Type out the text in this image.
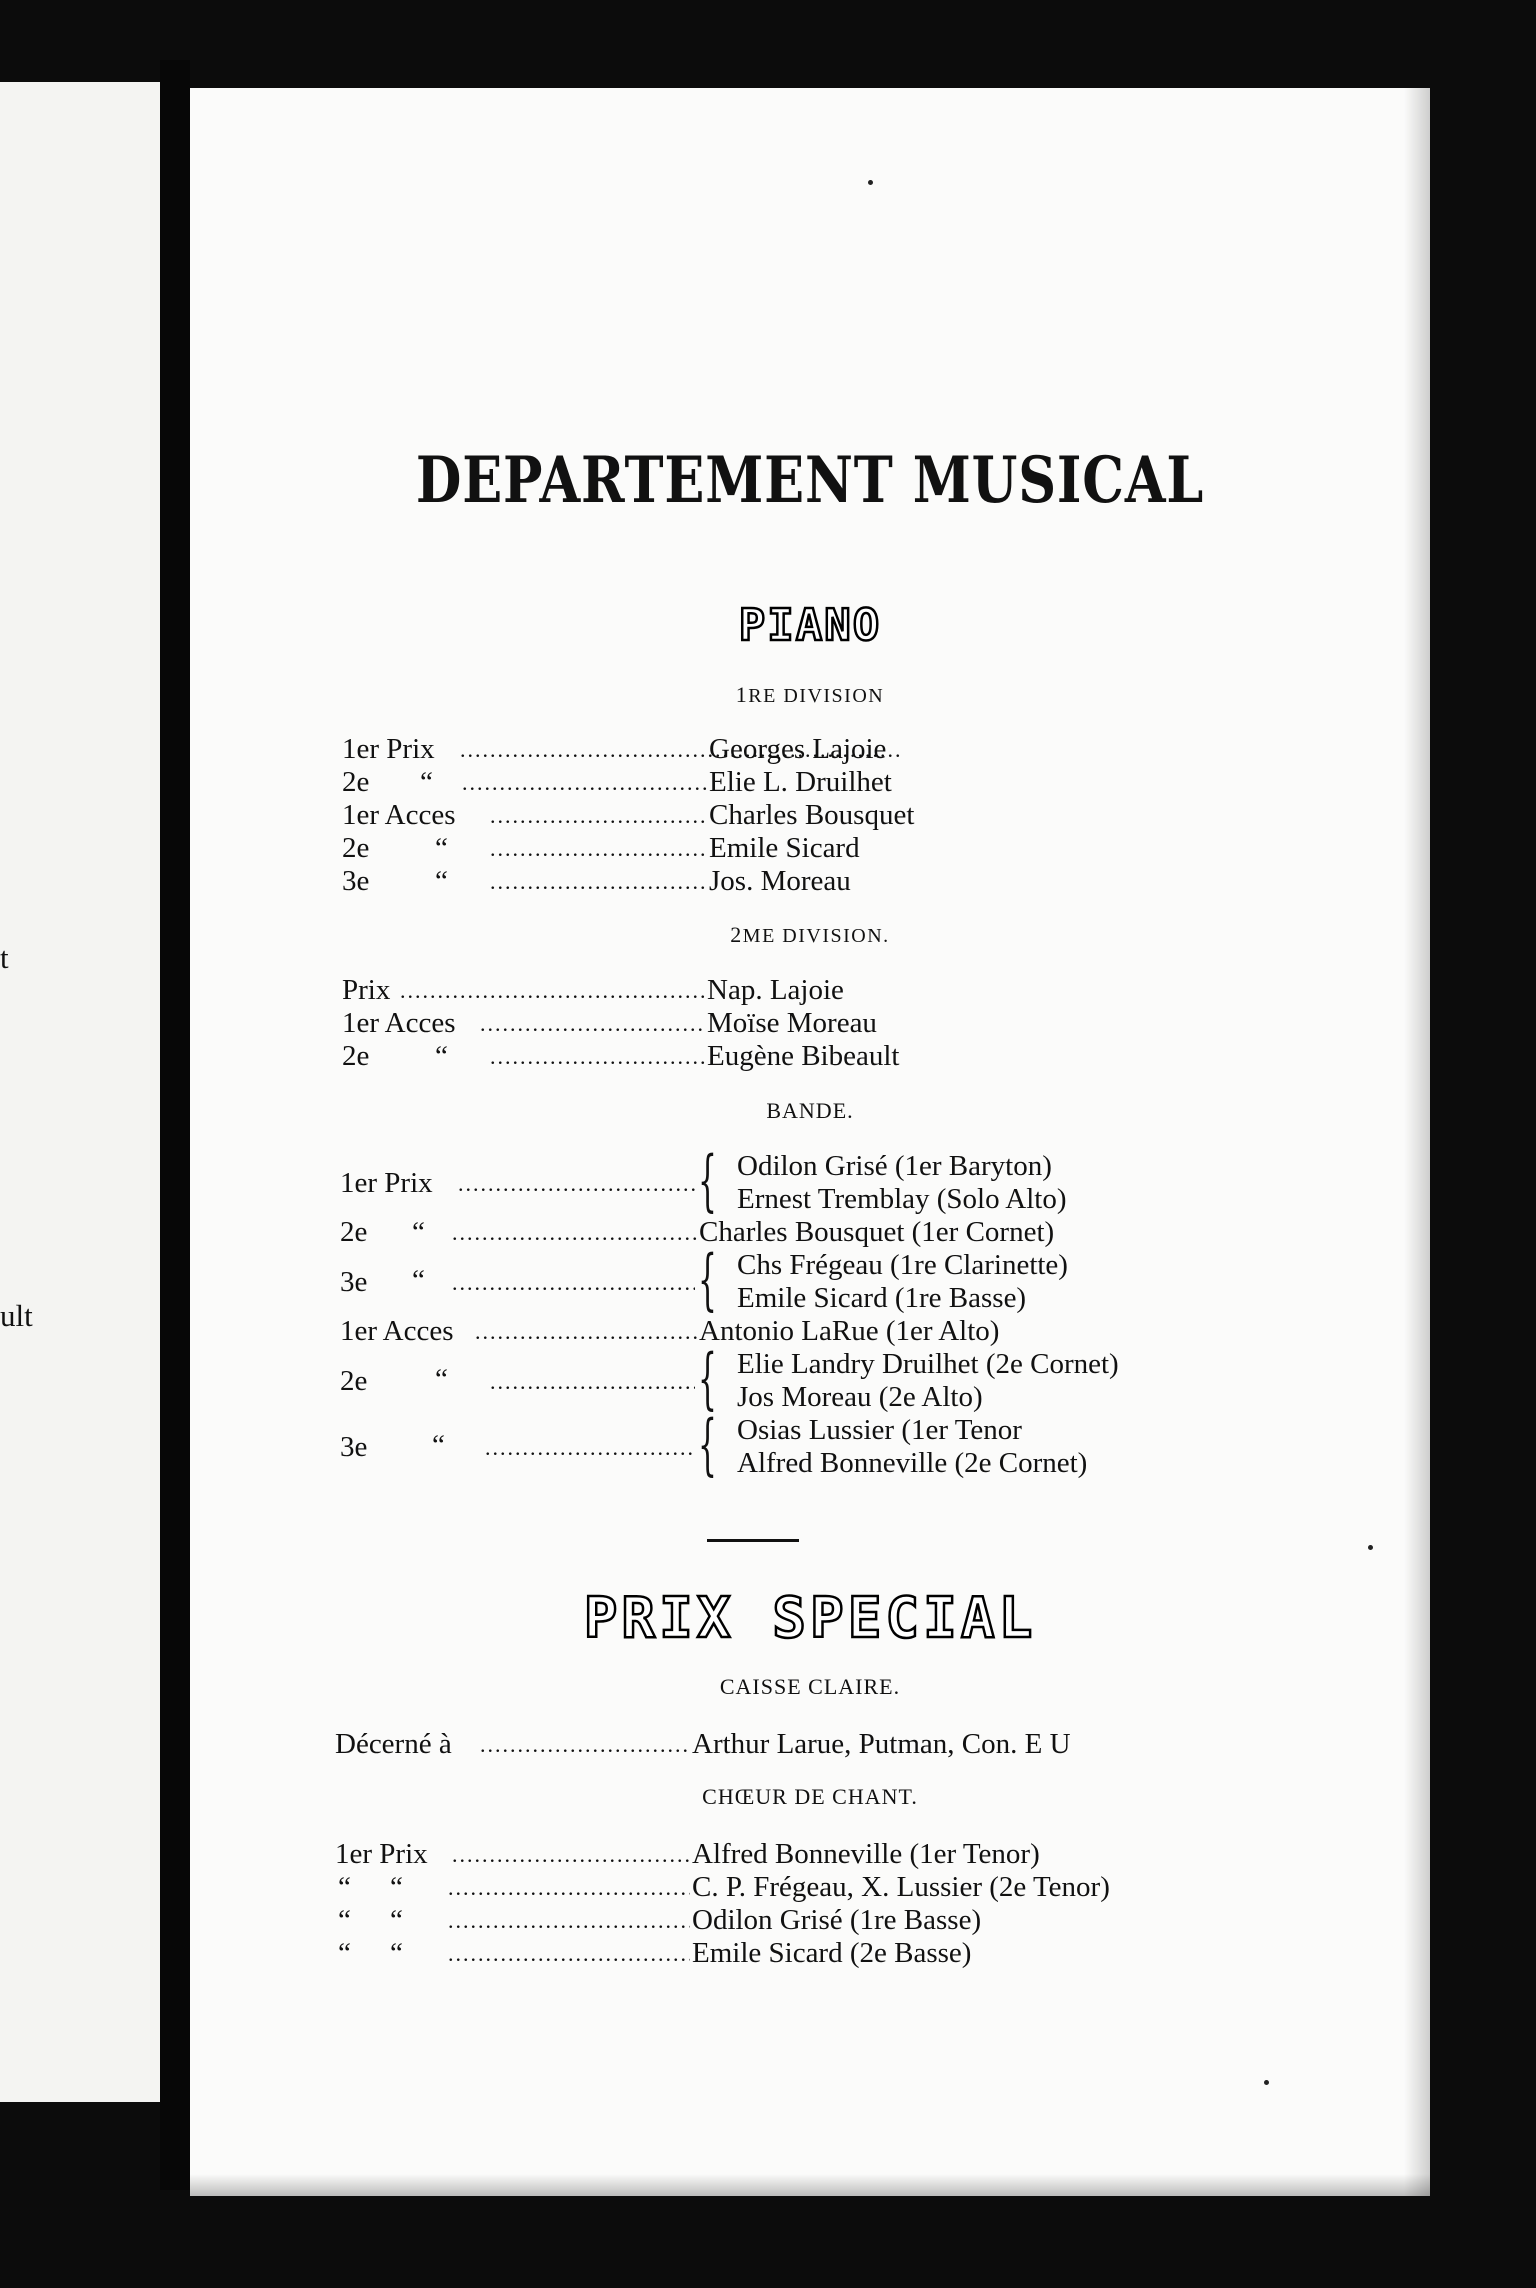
t
ult
DEPARTEMENT MUSICAL
PIANO
1RE DIVISION
1er Prix .....	Georges Lajoie
2e “ .....	Elie L. Druilhet
1er Acces .....	Charles Bousquet
2e “ .....	Emile Sicard
3e “ .....	Jos. Moreau
2ME DIVISION.
Prix .....	Nap. Lajoie
1er Acces .....	Moïse Moreau
2e “ .....	Eugène Bibeault
BANDE.
1er Prix .....	{ Odilon Grisé (1er Baryton)
Ernest Tremblay (Solo Alto)
2e “ .....	Charles Bousquet (1er Cornet)
3e “ .....	{ Chs Frégeau (1re Clarinette)
Emile Sicard (1re Basse)
1er Acces .....	Antonio LaRue (1er Alto)
2e “ .....	{ Elie Landry Druilhet (2e Cornet)
Jos Moreau (2e Alto)
3e “ .....	{ Osias Lussier (1er Tenor
Alfred Bonneville (2e Cornet)
PRIX SPECIAL
CAISSE CLAIRE.
Décerné à .....	Arthur Larue, Putman, Con. E U
CHŒUR DE CHANT.
1er Prix .....	Alfred Bonneville (1er Tenor)
“ “ .....	C. P. Frégeau, X. Lussier (2e Tenor)
“ “ .....	Odilon Grisé (1re Basse)
“ “ .....	Emile Sicard (2e Basse)
